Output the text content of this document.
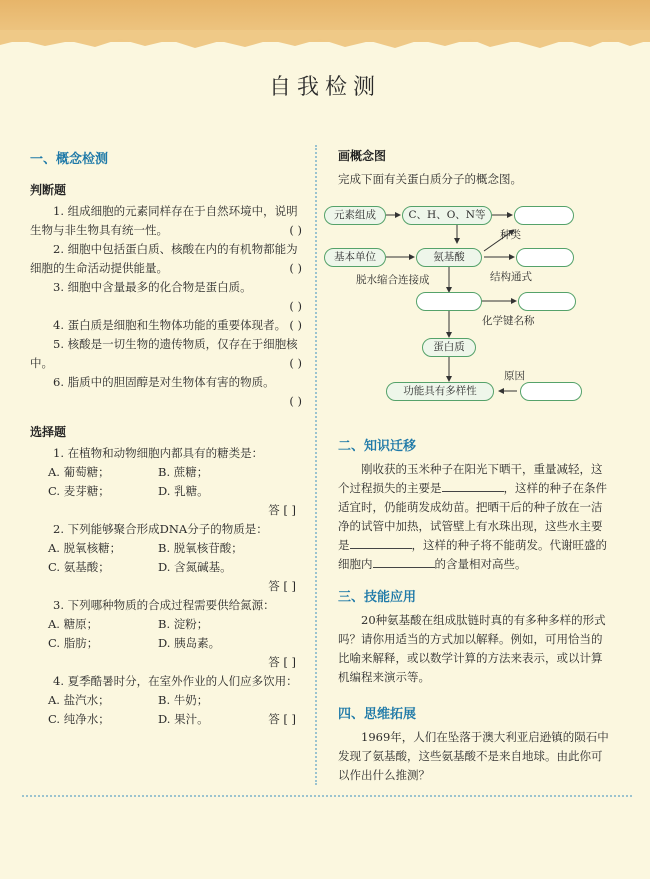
自我检测

一、概念检测

判断题

1. 组成细胞的元素同样存在于自然环境中，说明生物与非生物具有统一性。	( )

2. 细胞中包括蛋白质、核酸在内的有机物都能为细胞的生命活动提供能量。	( )

3. 细胞中含量最多的化合物是蛋白质。

( )

4. 蛋白质是细胞和生物体功能的重要体现者。 ( )

5. 核酸是一切生物的遗传物质，仅存在于细胞核中。	( )

6. 脂质中的胆固醇是对生物体有害的物质。

( )

选择题

1. 在植物和动物细胞内都具有的糖类是：

A. 葡萄糖；	B. 蔗糖；
C. 麦芽糖；	D. 乳糖。

答 [ ]

2. 下列能够聚合形成DNA分子的物质是：

A. 脱氧核糖；	B. 脱氧核苷酸；
C. 氨基酸；	D. 含氮碱基。

答 [ ]

3. 下列哪种物质的合成过程需要供给氮源：

A. 糖原；	B. 淀粉；
C. 脂肪；	D. 胰岛素。

答 [ ]

4. 夏季酷暑时分，在室外作业的人们应多饮用：

A. 盐汽水；	B. 牛奶；
C. 纯净水；	D. 果汁。	答 [ ]

画概念图

完成下面有关蛋白质分子的概念图。

元素组成	C、H、O、N等
种类
基本单位	氨基酸
结构通式
脱水缩合连接成
化学键名称
蛋白质
原因
功能具有多样性

二、知识迁移

刚收获的玉米种子在阳光下晒干，重量减轻，这个过程损失的主要是	，这样的种子在条件适宜时，仍能萌发成幼苗。把晒干后的种子放在一洁净的试管中加热，试管壁上有水珠出现，这些水主要是	，这样的种子将不能萌发。代谢旺盛的细胞内	的含量相对高些。

三、技能应用

20种氨基酸在组成肽链时真的有多种多样的形式吗？请你用适当的方式加以解释。例如，可用恰当的比喻来解释，或以数学计算的方法来表示，或以计算机编程来演示等。

四、思维拓展

1969年，人们在坠落于澳大利亚启逊镇的陨石中发现了氨基酸，这些氨基酸不是来自地球。由此你可以作出什么推测？
